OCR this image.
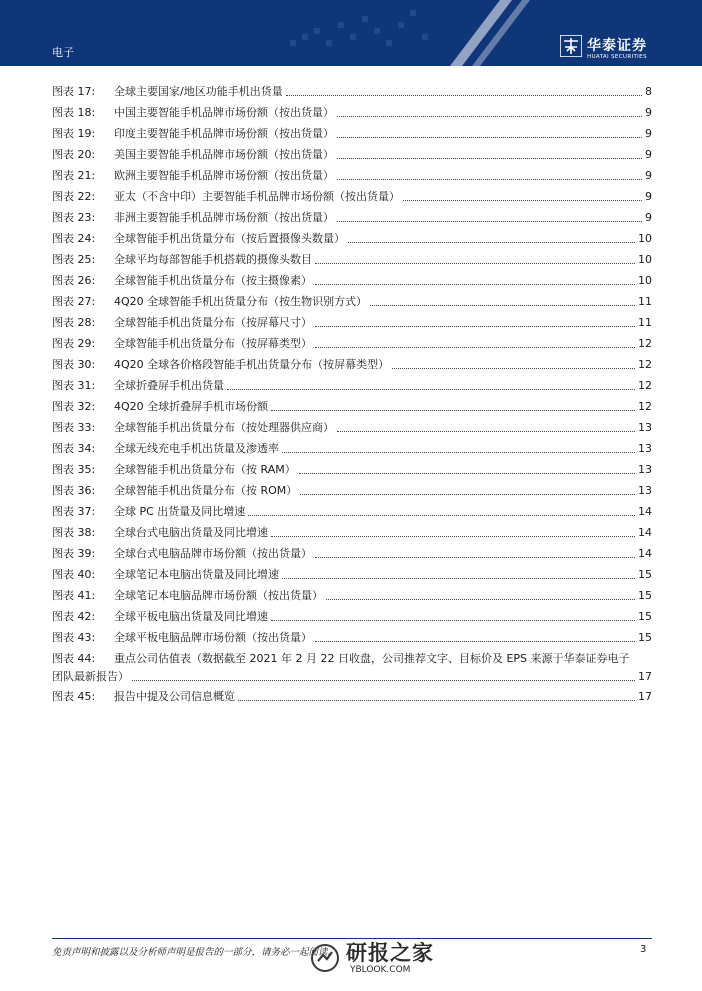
电子	华泰证券
HUATAI SECURITIES
图表 17:	全球主要国家/地区功能手机出货量	8
图表 18:	中国主要智能手机品牌市场份额（按出货量）	9
图表 19:	印度主要智能手机品牌市场份额（按出货量）	9
图表 20:	美国主要智能手机品牌市场份额（按出货量）	9
图表 21:	欧洲主要智能手机品牌市场份额（按出货量）	9
图表 22:	亚太（不含中印）主要智能手机品牌市场份额（按出货量）	9
图表 23:	非洲主要智能手机品牌市场份额（按出货量）	9
图表 24:	全球智能手机出货量分布（按后置摄像头数量）	10
图表 25:	全球平均每部智能手机搭载的摄像头数目	10
图表 26:	全球智能手机出货量分布（按主摄像素）	10
图表 27:	4Q20 全球智能手机出货量分布（按生物识别方式）	11
图表 28:	全球智能手机出货量分布（按屏幕尺寸）	11
图表 29:	全球智能手机出货量分布（按屏幕类型）	12
图表 30:	4Q20 全球各价格段智能手机出货量分布（按屏幕类型）	12
图表 31:	全球折叠屏手机出货量	12
图表 32:	4Q20 全球折叠屏手机市场份额	12
图表 33:	全球智能手机出货量分布（按处理器供应商）	13
图表 34:	全球无线充电手机出货量及渗透率	13
图表 35:	全球智能手机出货量分布（按 RAM）	13
图表 36:	全球智能手机出货量分布（按 ROM）	13
图表 37:	全球 PC 出货量及同比增速	14
图表 38:	全球台式电脑出货量及同比增速	14
图表 39:	全球台式电脑品牌市场份额（按出货量）	14
图表 40:	全球笔记本电脑出货量及同比增速	15
图表 41:	全球笔记本电脑品牌市场份额（按出货量）	15
图表 42:	全球平板电脑出货量及同比增速	15
图表 43:	全球平板电脑品牌市场份额（按出货量）	15
图表 44:	重点公司估值表（数据截至 2021 年 2 月 22 日收盘，公司推荐文字、目标价及 EPS 来源于华泰证券电子
团队最新报告）	17
图表 45:	报告中提及公司信息概览	17
免责声明和披露以及分析师声明是报告的一部分，请务必一起阅读。	3
研报之家
YBLOOK.COM
